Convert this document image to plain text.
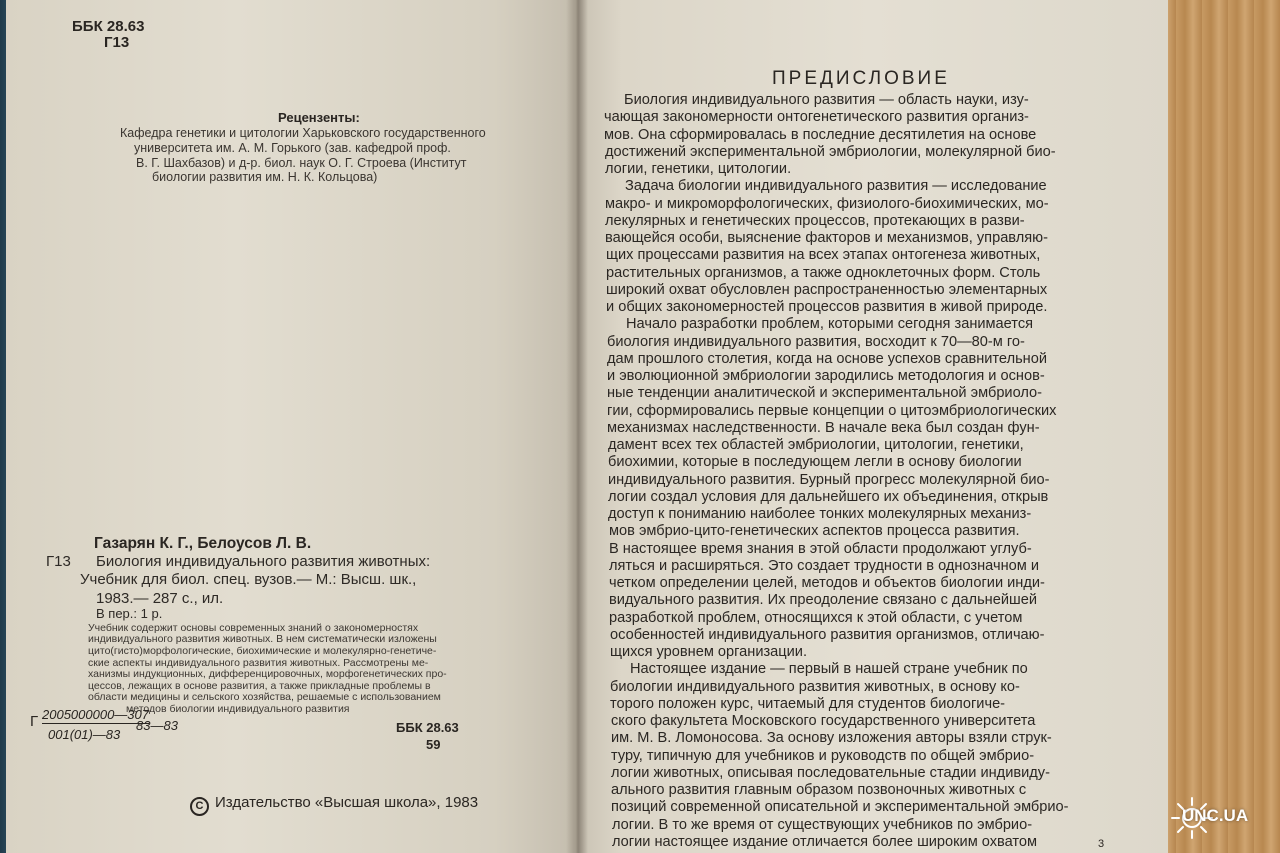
ББК 28.63
Г13
Рецензенты:
Кафедра генетики и цитологии Харьковского государственного
университета им. А. М. Горького (зав. кафедрой проф.
В. Г. Шахбазов) и д-р. биол. наук О. Г. Строева (Институт
биологии развития им. Н. К. Кольцова)
Газарян К. Г., Белоусов Л. В.
Г13 Биология индивидуального развития животных:
Учебник для биол. спец. вузов.— М.: Высш. шк.,
1983.— 287 с., ил.
В пер.: 1 р.
Учебник содержит основы современных знаний о закономерностях
индивидуального развития животных. В нем систематически изложены
цито(гисто)морфологические, биохимические и молекулярно-генетиче-
ские аспекты индивидуального развития животных. Рассмотрены ме-
ханизмы индукционных, дифференцировочных, морфогенетических про-
цессов, лежащих в основе развития, а также прикладные проблемы в
области медицины и сельского хозяйства, решаемые с использованием
методов биологии индивидуального развития
Г 2005000000—307
001(01)—83
83—83	ББК 28.63
59
С Издательство «Высшая школа», 1983
ПРЕДИСЛОВИЕ
Биология индивидуального развития — область науки, изу-
чающая закономерности онтогенетического развития организ-
мов. Она сформировалась в последние десятилетия на основе
достижений экспериментальной эмбриологии, молекулярной био-
логии, генетики, цитологии.
Задача биологии индивидуального развития — исследование
макро- и микроморфологических, физиолого-биохимических, мо-
лекулярных и генетических процессов, протекающих в разви-
вающейся особи, выяснение факторов и механизмов, управляю-
щих процессами развития на всех этапах онтогенеза животных,
растительных организмов, а также одноклеточных форм. Столь
широкий охват обусловлен распространенностью элементарных
и общих закономерностей процессов развития в живой природе.
Начало разработки проблем, которыми сегодня занимается
биология индивидуального развития, восходит к 70—80-м го-
дам прошлого столетия, когда на основе успехов сравнительной
и эволюционной эмбриологии зародились методология и основ-
ные тенденции аналитической и экспериментальной эмбриоло-
гии, сформировались первые концепции о цитоэмбриологических
механизмах наследственности. В начале века был создан фун-
дамент всех тех областей эмбриологии, цитологии, генетики,
биохимии, которые в последующем легли в основу биологии
индивидуального развития. Бурный прогресс молекулярной био-
логии создал условия для дальнейшего их объединения, открыв
доступ к пониманию наиболее тонких молекулярных механиз-
мов эмбрио-цито-генетических аспектов процесса развития.
В настоящее время знания в этой области продолжают углуб-
ляться и расширяться. Это создает трудности в однозначном и
четком определении целей, методов и объектов биологии инди-
видуального развития. Их преодоление связано с дальнейшей
разработкой проблем, относящихся к этой области, с учетом
особенностей индивидуального развития организмов, отличаю-
щихся уровнем организации.
Настоящее издание — первый в нашей стране учебник по
биологии индивидуального развития животных, в основу ко-
торого положен курс, читаемый для студентов биологиче-
ского факультета Московского государственного университета
им. М. В. Ломоносова. За основу изложения авторы взяли струк-
туру, типичную для учебников и руководств по общей эмбрио-
логии животных, описывая последовательные стадии индивиду-
ального развития главным образом позвоночных животных с
позиций современной описательной и экспериментальной эмбрио-
логии. В то же время от существующих учебников по эмбрио-
логии настоящее издание отличается более широким охватом	3
UNC.UA
